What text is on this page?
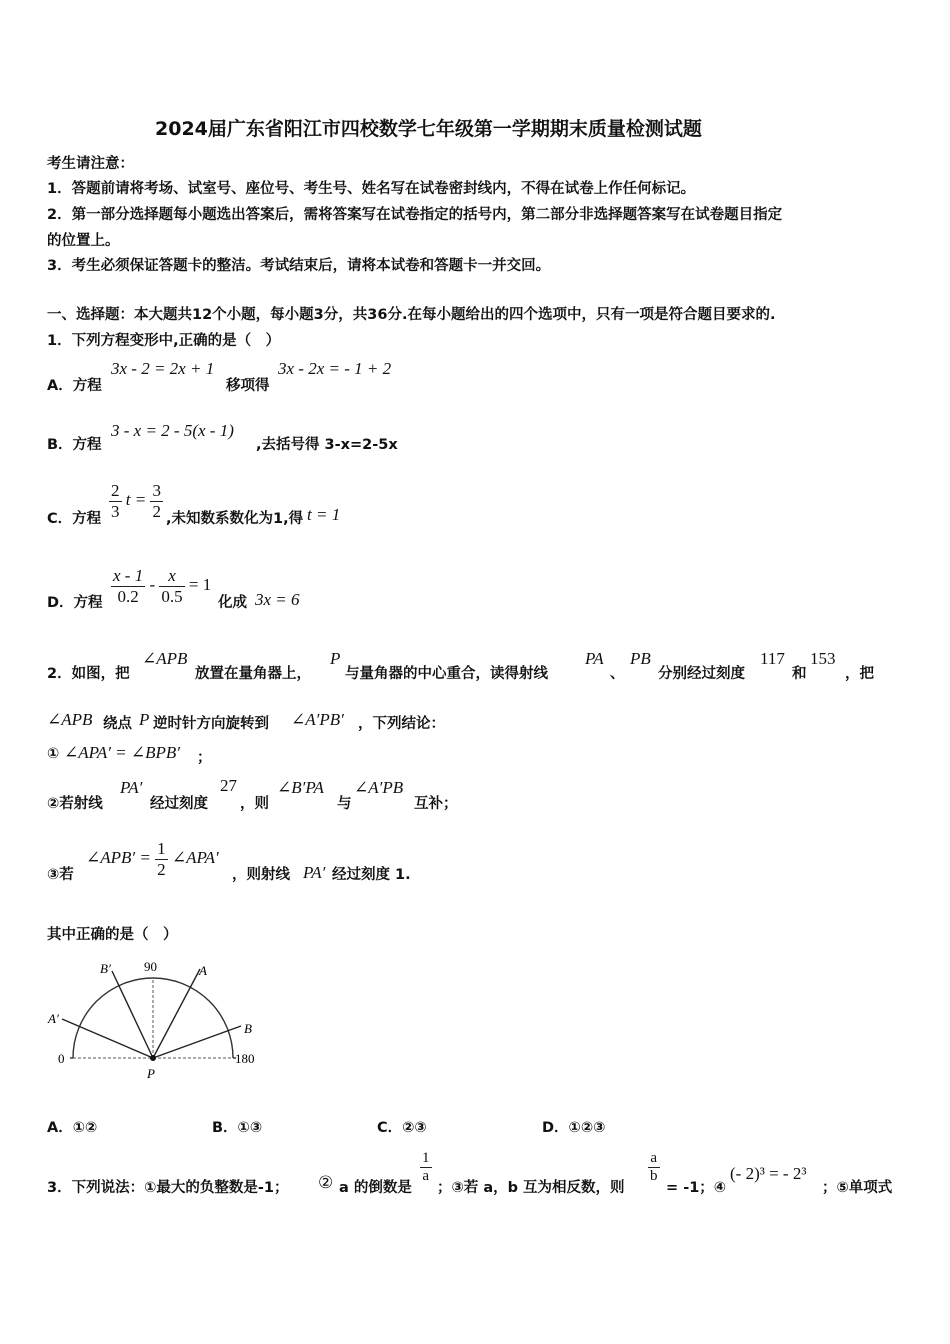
2024届广东省阳江市四校数学七年级第一学期期末质量检测试题
考生请注意：
1．答题前请将考场、试室号、座位号、考生号、姓名写在试卷密封线内，不得在试卷上作任何标记。
2．第一部分选择题每小题选出答案后，需将答案写在试卷指定的括号内，第二部分非选择题答案写在试卷题目指定
的位置上。
3．考生必须保证答题卡的整洁。考试结束后，请将本试卷和答题卡一并交回。
一、选择题：本大题共12个小题，每小题3分，共36分.在每小题给出的四个选项中，只有一项是符合题目要求的.
1．下列方程变形中,正确的是（　）
A．方程
3x - 2 = 2x + 1
移项得
3x - 2x = - 1 + 2
B．方程
3 - x = 2 - 5(x - 1)
,去括号得 3-x=2-5x
C．方程 $\frac{2}{3}$ $t = \frac{3}{2}$ ,未知数系数化为1,得 t = 1
D．方程 $\frac{x - 1}{0.2} - \frac{x}{0.5} = 1$
化成 3x = 6
2．如图，把
∠APB
放置在量角器上，
P
与量角器的中心重合，读得射线
PA
、
PB
分别经过刻度
117
和
153
，把
∠APB 绕点 P 逆时针方向旋转到 ∠A′PB′ ，下列结论：
① ∠APA′ = ∠BPB′ ；
②若射线
PA′
经过刻度
27
，则
∠B′PA
与
∠A′PB
互补；
③若
∠APB′ = $\frac{1}{2}$ ∠APA′
，则射线 PA′ 经过刻度 1.
其中正确的是（　）
90
0	180
A
B
A′
B′
P
A．①②	B．①③	C．②③	D．①②③
3．下列说法：①最大的负整数是-1； ② a 的倒数是
$\frac{1}{a}$
；③若 a，b 互为相反数，则
$\frac{a}{b}$
= -1；④
(- 2)³ = - 2³
；⑤单项式
